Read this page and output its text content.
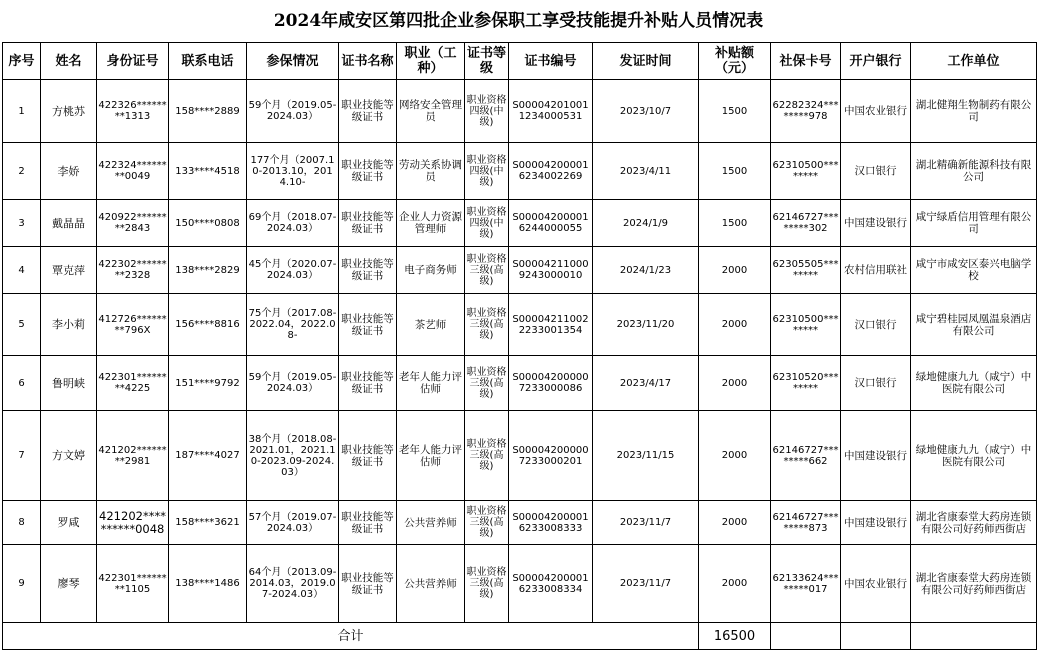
2024年咸安区第四批企业参保职工享受技能提升补贴人员情况表
序号	姓名	身份证号	联系电话	参保情况	证书名称	职业（工种）	证书等级	证书编号	发证时间	补贴额（元）	社保卡号	开户银行	工作单位
1	方桃苏	422326********1313	158****2889	59个月（2019.05-2024.03）	职业技能等级证书	网络安全管理员	职业资格四级(中级)	S000042010011234000531	2023/10/7	1500	62282324********978	中国农业银行	湖北健翔生物制药有限公司
2	李娇	422324********0049	133****4518	177个月（2007.10-2013.10，2014.10-	职业技能等级证书	劳动关系协调员	职业资格四级(中级)	S000042000016234002269	2023/4/11	1500	62310500********	汉口银行	湖北精确新能源科技有限公司
3	戴晶晶	420922********2843	150****0808	69个月（2018.07-2024.03）	职业技能等级证书	企业人力资源管理师	职业资格四级(中级)	S000042000016244000055	2024/1/9	1500	62146727********302	中国建设银行	咸宁绿盾信用管理有限公司
4	覃克萍	422302********2328	138****2829	45个月（2020.07-2024.03）	职业技能等级证书	电子商务师	职业资格三级(高级)	S000042110009243000010	2024/1/23	2000	62305505********	农村信用联社	咸宁市咸安区泰兴电脑学校
5	李小莉	412726********796X	156****8816	75个月（2017.08-2022.04，2022.08-	职业技能等级证书	茶艺师	职业资格三级(高级)	S000042110022233001354	2023/11/20	2000	62310500********	汉口银行	咸宁碧桂园凤凰温泉酒店有限公司
6	鲁明峡	422301********4225	151****9792	59个月（2019.05-2024.03）	职业技能等级证书	老年人能力评估师	职业资格三级(高级)	S000042000007233000086	2023/4/17	2000	62310520********	汉口银行	绿地健康九九（咸宁）中医院有限公司
7	方文婷	421202********2981	187****4027	38个月（2018.08-2021.01，2021.10-2023.09-2024.03）	职业技能等级证书	老年人能力评估师	职业资格三级(高级)	S000042000007233000201	2023/11/15	2000	62146727********662	中国建设银行	绿地健康九九（咸宁）中医院有限公司
8	罗咸	421202**********0048	158****3621	57个月（2019.07-2024.03）	职业技能等级证书	公共营养师	职业资格三级(高级)	S000042000016233008333	2023/11/7	2000	62146727********873	中国建设银行	湖北省康泰堂大药房连锁有限公司好药师西街店
9	廖琴	422301********1105	138****1486	64个月（2013.09-2014.03，2019.07-2024.03）	职业技能等级证书	公共营养师	职业资格三级(高级)	S000042000016233008334	2023/11/7	2000	62133624********017	中国农业银行	湖北省康泰堂大药房连锁有限公司好药师西街店
合计										16500			
